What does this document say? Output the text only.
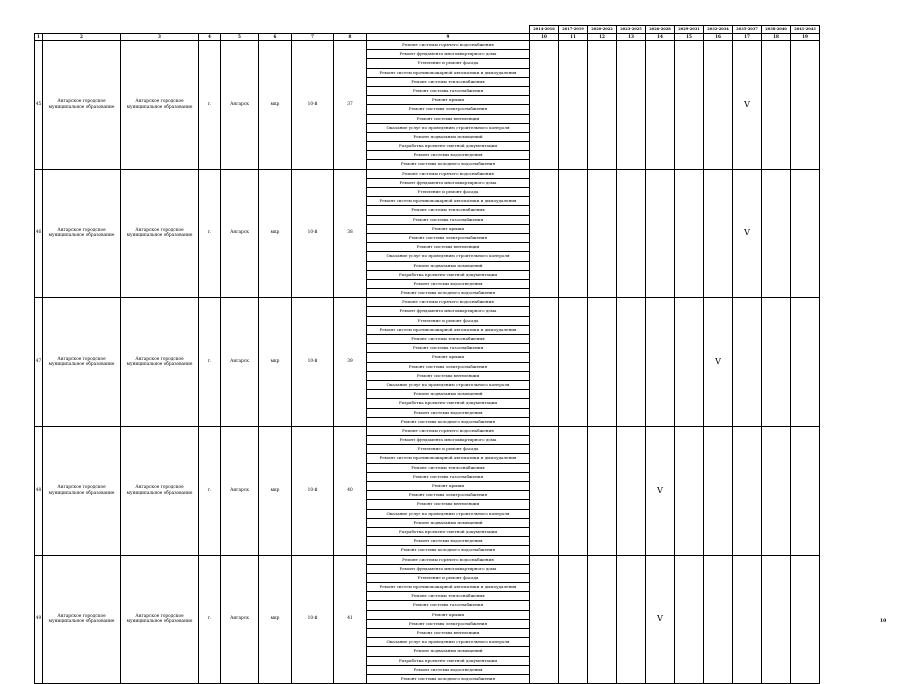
									2014-2016	2017-2019	2020-2022	2023-2025	2026-2028	2029-2031	2032-2034	2035-2037	2038-2040	2041-2043
1	2	3	4	5	6	7	8	9	10	11	12	13	14	15	16	17	18	19
45	Ангарское городское муниципальное образование	Ангарское городское муниципальное образование	г.	Ангарск	мкр	10-й	37	Ремонт системы горячего водоснабжения								V		
								Ремонт фундамента многоквартирного дома										
								Утепление и ремонт фасада										
								Ремонт систем противопожарной автоматики и дымоудаления										
								Ремонт системы теплоснабжения										
								Ремонт системы газоснабжения										
								Ремонт крыши										
								Ремонт системы электроснабжения										
								Ремонт системы вентиляции										
								Оказание услуг по проведению строительного контроля										
								Ремонт подвальных помещений										
								Разработка проектно-сметной документации										
								Ремонт системы водоотведения										
								Ремонт системы холодного водоснабжения										
46	Ангарское городское муниципальное образование	Ангарское городское муниципальное образование	г.	Ангарск	мкр	10-й	38	Ремонт системы горячего водоснабжения								V		
								Ремонт фундамента многоквартирного дома										
								Утепление и ремонт фасада										
								Ремонт систем противопожарной автоматики и дымоудаления										
								Ремонт системы теплоснабжения										
								Ремонт системы газоснабжения										
								Ремонт крыши										
								Ремонт системы электроснабжения										
								Ремонт системы вентиляции										
								Оказание услуг по проведению строительного контроля										
								Ремонт подвальных помещений										
								Разработка проектно-сметной документации										
								Ремонт системы водоотведения										
								Ремонт системы холодного водоснабжения										
47	Ангарское городское муниципальное образование	Ангарское городское муниципальное образование	г.	Ангарск	мкр	10-й	39	Ремонт системы горячего водоснабжения							V			
								Ремонт фундамента многоквартирного дома										
								Утепление и ремонт фасада										
								Ремонт систем противопожарной автоматики и дымоудаления										
								Ремонт системы теплоснабжения										
								Ремонт системы газоснабжения										
								Ремонт крыши										
								Ремонт системы электроснабжения										
								Ремонт системы вентиляции										
								Оказание услуг по проведению строительного контроля										
								Ремонт подвальных помещений										
								Разработка проектно-сметной документации										
								Ремонт системы водоотведения										
								Ремонт системы холодного водоснабжения										
48	Ангарское городское муниципальное образование	Ангарское городское муниципальное образование	г.	Ангарск	мкр	10-й	40	Ремонт системы горячего водоснабжения					V					
								Ремонт фундамента многоквартирного дома										
								Утепление и ремонт фасада										
								Ремонт систем противопожарной автоматики и дымоудаления										
								Ремонт системы теплоснабжения										
								Ремонт системы газоснабжения										
								Ремонт крыши										
								Ремонт системы электроснабжения										
								Ремонт системы вентиляции										
								Оказание услуг по проведению строительного контроля										
								Ремонт подвальных помещений										
								Разработка проектно-сметной документации										
								Ремонт системы водоотведения										
								Ремонт системы холодного водоснабжения										
49	Ангарское городское муниципальное образование	Ангарское городское муниципальное образование	г.	Ангарск	мкр	10-й	41	Ремонт системы горячего водоснабжения					V					
								Ремонт фундамента многоквартирного дома										
								Утепление и ремонт фасада										
								Ремонт систем противопожарной автоматики и дымоудаления										
								Ремонт системы теплоснабжения										
								Ремонт системы газоснабжения										
								Ремонт крыши										
								Ремонт системы электроснабжения										
								Ремонт системы вентиляции										
								Оказание услуг по проведению строительного контроля										
								Ремонт подвальных помещений										
								Разработка проектно-сметной документации										
								Ремонт системы водоотведения										
								Ремонт системы холодного водоснабжения										
10
